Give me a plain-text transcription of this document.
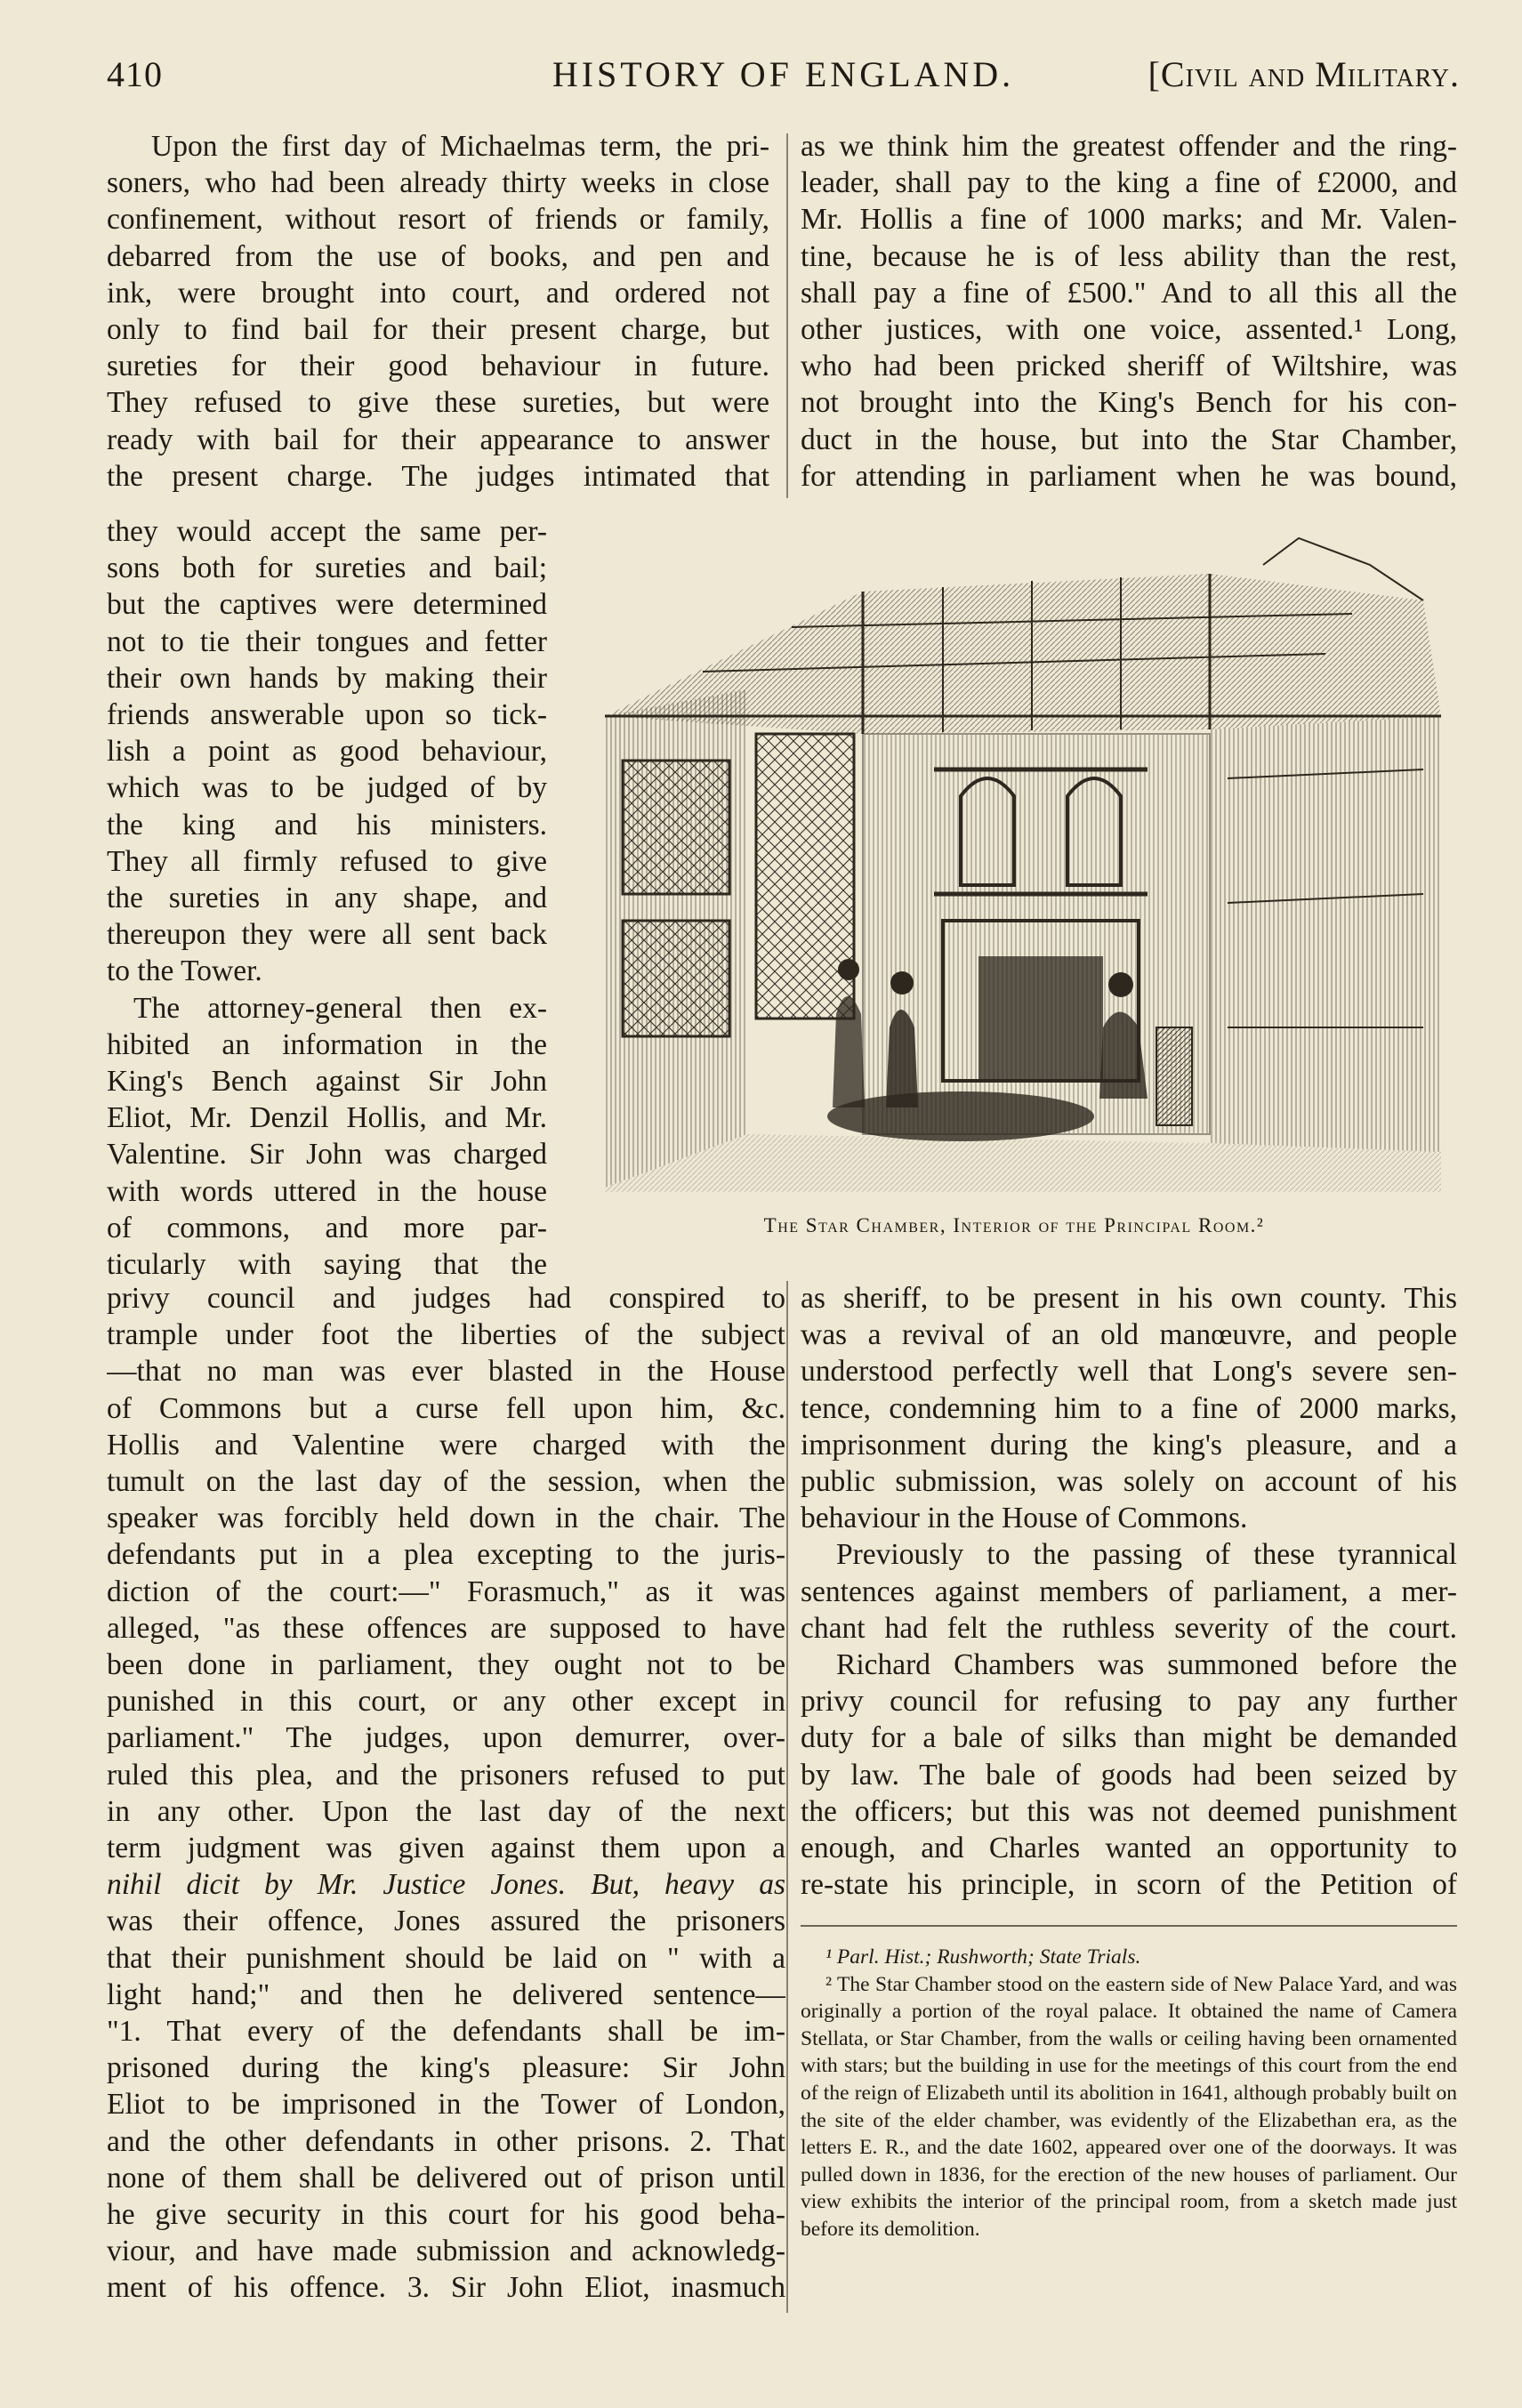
410	HISTORY OF ENGLAND.	[Civil and Military.
Upon the first day of Michaelmas term, the pri-
soners, who had been already thirty weeks in close
confinement, without resort of friends or family,
debarred from the use of books, and pen and
ink, were brought into court, and ordered not
only to find bail for their present charge, but
sureties for their good behaviour in future.
They refused to give these sureties, but were
ready with bail for their appearance to answer
the present charge. The judges intimated that
they would accept the same per-
sons both for sureties and bail;
but the captives were determined
not to tie their tongues and fetter
their own hands by making their
friends answerable upon so tick-
lish a point as good behaviour,
which was to be judged of by
the king and his ministers.
They all firmly refused to give
the sureties in any shape, and
thereupon they were all sent back
to the Tower.
The attorney-general then ex-
hibited an information in the
King's Bench against Sir John
Eliot, Mr. Denzil Hollis, and Mr.
Valentine. Sir John was charged
with words uttered in the house
of commons, and more par-
ticularly with saying that the
privy council and judges had conspired to
trample under foot the liberties of the subject
—that no man was ever blasted in the House
of Commons but a curse fell upon him, &c.
Hollis and Valentine were charged with the
tumult on the last day of the session, when the
speaker was forcibly held down in the chair. The
defendants put in a plea excepting to the juris-
diction of the court:—" Forasmuch," as it was
alleged, "as these offences are supposed to have
been done in parliament, they ought not to be
punished in this court, or any other except in
parliament." The judges, upon demurrer, over-
ruled this plea, and the prisoners refused to put
in any other. Upon the last day of the next
term judgment was given against them upon a
nihil dicit by Mr. Justice Jones. But, heavy as
was their offence, Jones assured the prisoners
that their punishment should be laid on " with a
light hand;" and then he delivered sentence—
"1. That every of the defendants shall be im-
prisoned during the king's pleasure: Sir John
Eliot to be imprisoned in the Tower of London,
and the other defendants in other prisons. 2. That
none of them shall be delivered out of prison until
he give security in this court for his good beha-
viour, and have made submission and acknowledg-
ment of his offence. 3. Sir John Eliot, inasmuch
as we think him the greatest offender and the ring-
leader, shall pay to the king a fine of £2000, and
Mr. Hollis a fine of 1000 marks; and Mr. Valen-
tine, because he is of less ability than the rest,
shall pay a fine of £500." And to all this all the
other justices, with one voice, assented.¹ Long,
who had been pricked sheriff of Wiltshire, was
not brought into the King's Bench for his con-
duct in the house, but into the Star Chamber,
for attending in parliament when he was bound,
The Star Chamber, Interior of the Principal Room.²
as sheriff, to be present in his own county. This
was a revival of an old manœuvre, and people
understood perfectly well that Long's severe sen-
tence, condemning him to a fine of 2000 marks,
imprisonment during the king's pleasure, and a
public submission, was solely on account of his
behaviour in the House of Commons.
Previously to the passing of these tyrannical
sentences against members of parliament, a mer-
chant had felt the ruthless severity of the court.
Richard Chambers was summoned before the
privy council for refusing to pay any further
duty for a bale of silks than might be demanded
by law. The bale of goods had been seized by
the officers; but this was not deemed punishment
enough, and Charles wanted an opportunity to
re-state his principle, in scorn of the Petition of

¹ Parl. Hist.; Rushworth; State Trials.

² The Star Chamber stood on the eastern side of New Palace Yard, and was originally a portion of the royal palace. It obtained the name of Camera Stellata, or Star Chamber, from the walls or ceiling having been ornamented with stars; but the building in use for the meetings of this court from the end of the reign of Elizabeth until its abolition in 1641, although probably built on the site of the elder chamber, was evidently of the Elizabethan era, as the letters E. R., and the date 1602, appeared over one of the doorways. It was pulled down in 1836, for the erection of the new houses of parliament. Our view exhibits the interior of the principal room, from a sketch made just before its demolition.
